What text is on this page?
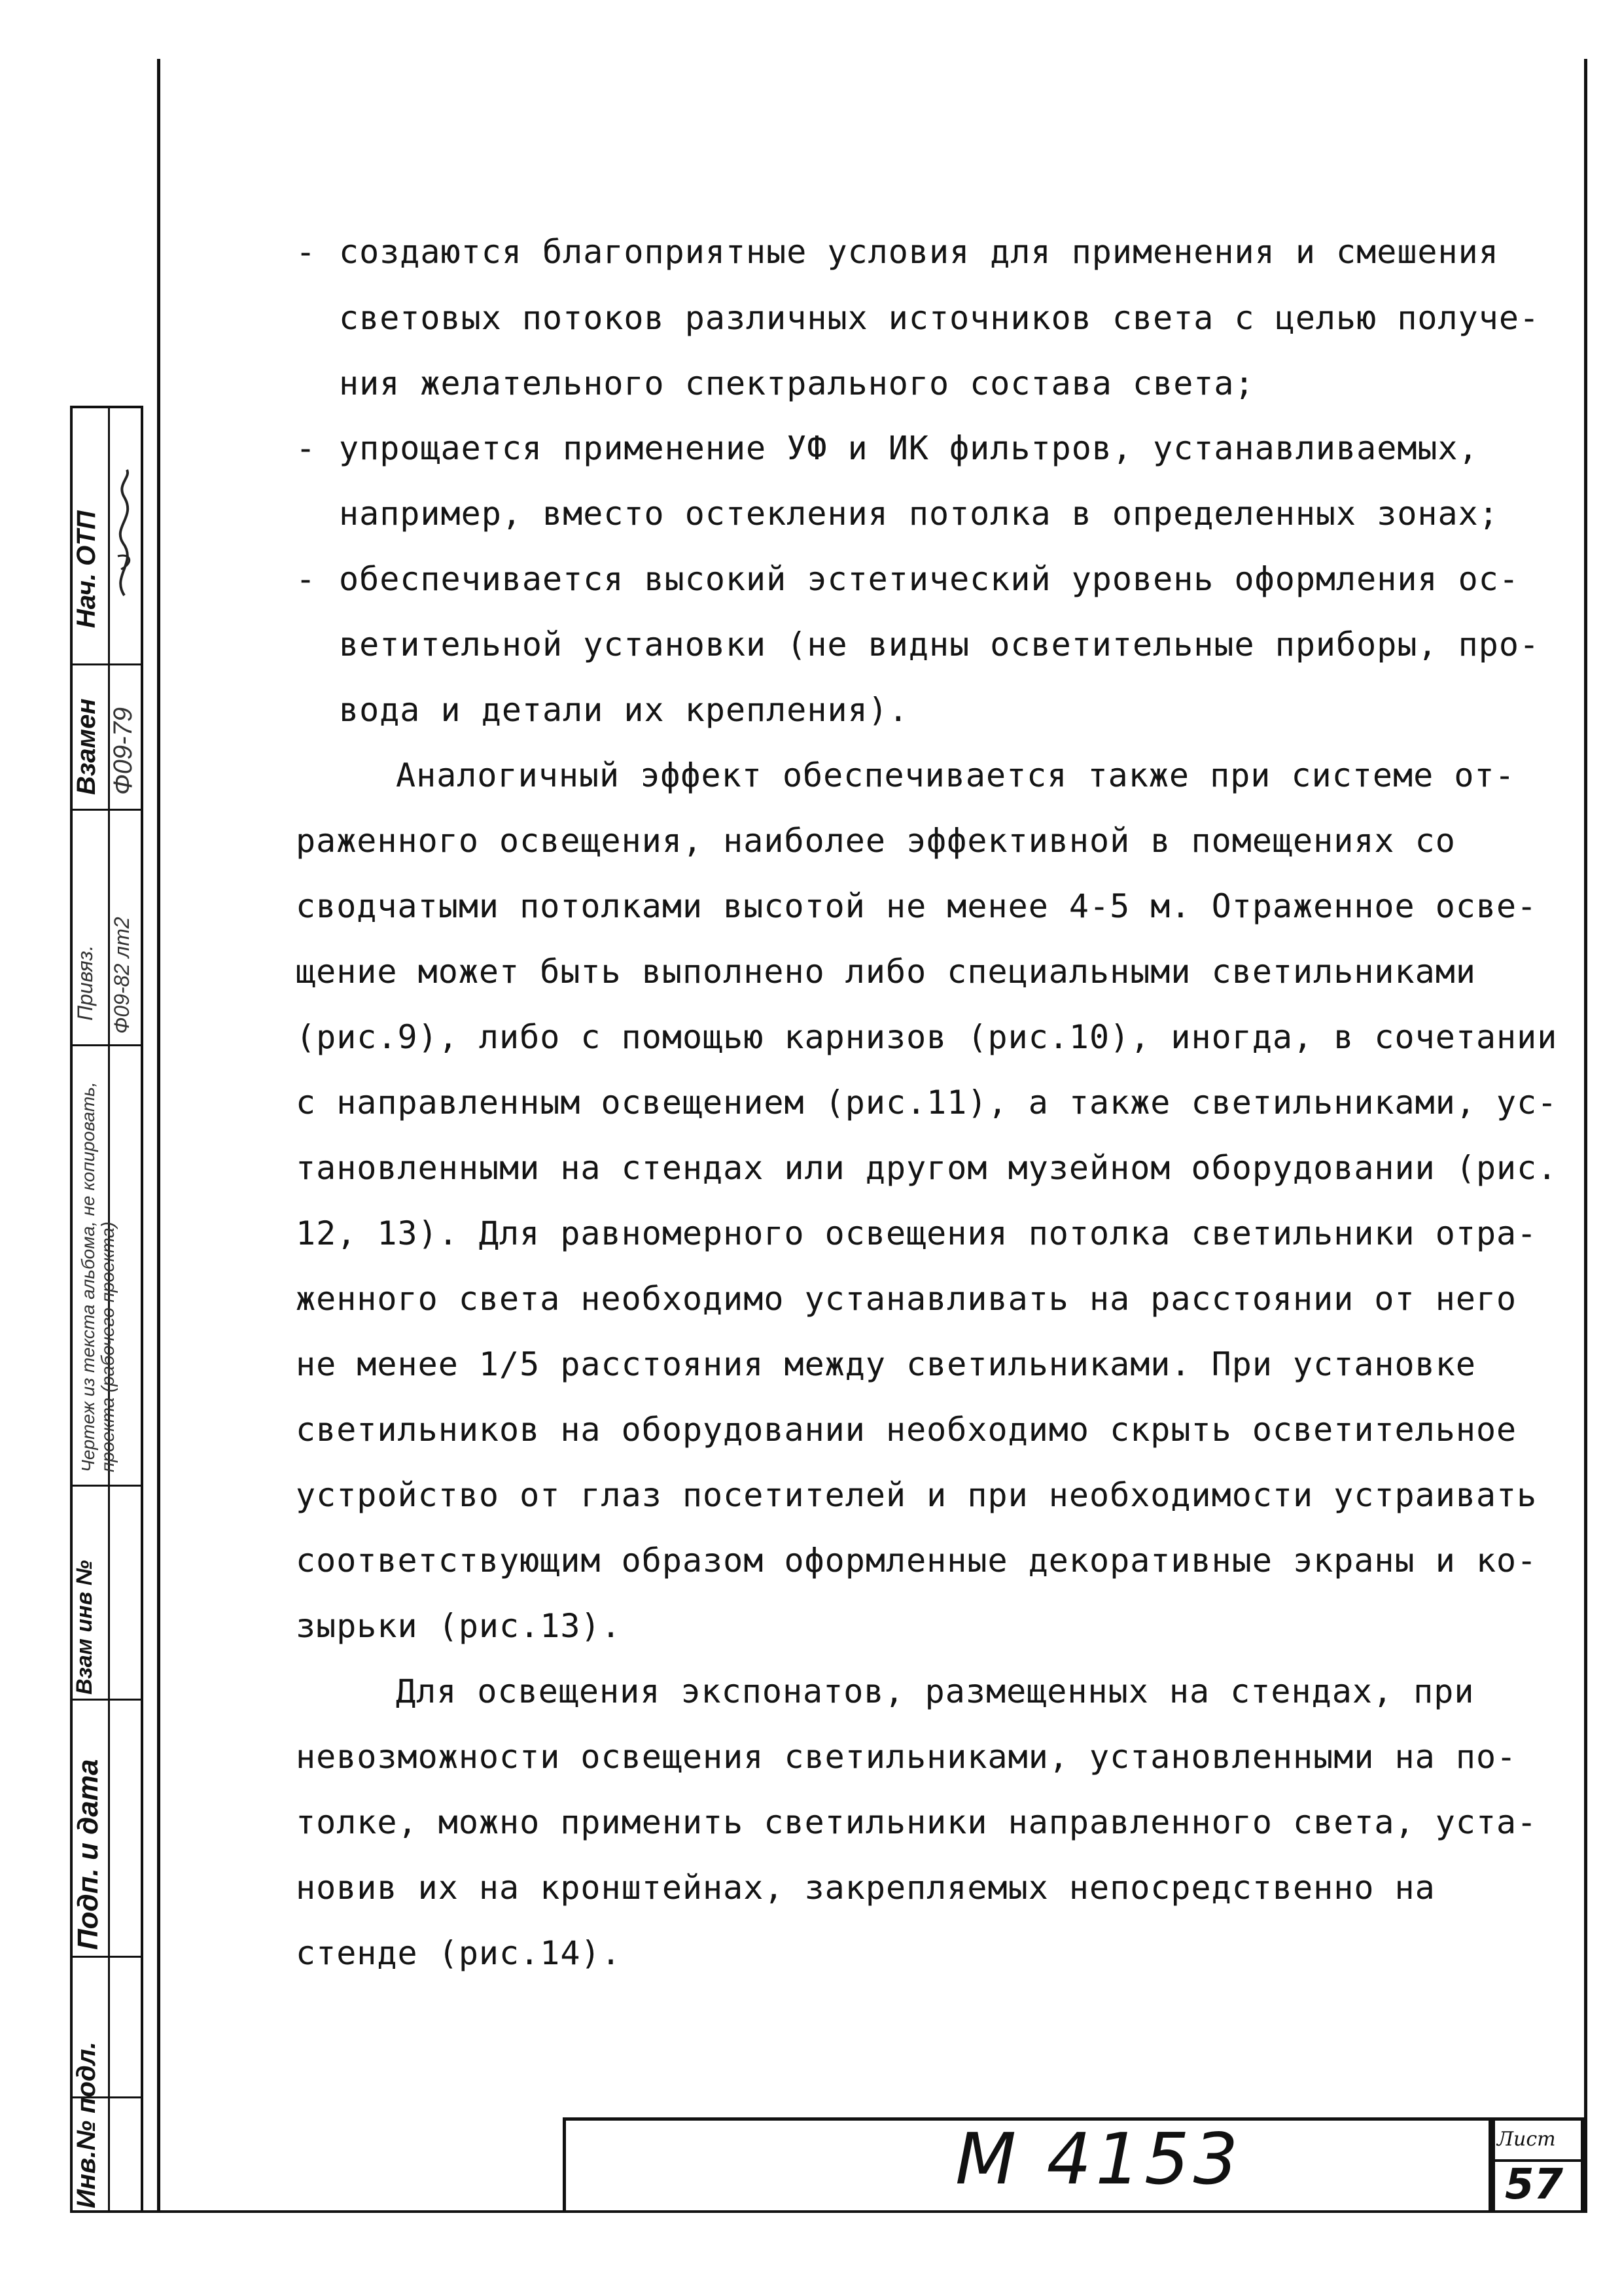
Нач. ОТП
Взамен Ф09-79
Привяз. Ф09-82 лт2
Чертеж из текста альбома, не копировать, проекта (рабочего проекта)
Взам инв №
Подп. и дата
Инв.№ подл.
- создаются благоприятные условия для применения и смешения
световых потоков различных источников света с целью получе-
ния желательного спектрального состава света;
- упрощается применение УФ и ИК фильтров, устанавливаемых,
например, вместо остекления потолка в определенных зонах;
- обеспечивается высокий эстетический уровень оформления ос-
ветительной установки (не видны осветительные приборы, про-
вода и детали их крепления).
Аналогичный эффект обеспечивается также при системе от-
раженного освещения, наиболее эффективной в помещениях со
сводчатыми потолками высотой не менее 4-5 м. Отраженное осве-
щение может быть выполнено либо специальными светильниками
(рис.9), либо с помощью карнизов (рис.10), иногда, в сочетании
с направленным освещением (рис.11), а также светильниками, ус-
тановленными на стендах или другом музейном оборудовании (рис.
12, 13). Для равномерного освещения потолка светильники отра-
женного света необходимо устанавливать на расстоянии от него
не менее 1/5 расстояния между светильниками. При установке
светильников на оборудовании необходимо скрыть осветительное
устройство от глаз посетителей и при необходимости устраивать
соответствующим образом оформленные декоративные экраны и ко-
зырьки (рис.13).
Для освещения экспонатов, размещенных на стендах, при
невозможности освещения светильниками, установленными на по-
толке, можно применить светильники направленного света, уста-
новив их на кронштейнах, закрепляемых непосредственно на
стенде (рис.14).
М 4153	Лист
57
